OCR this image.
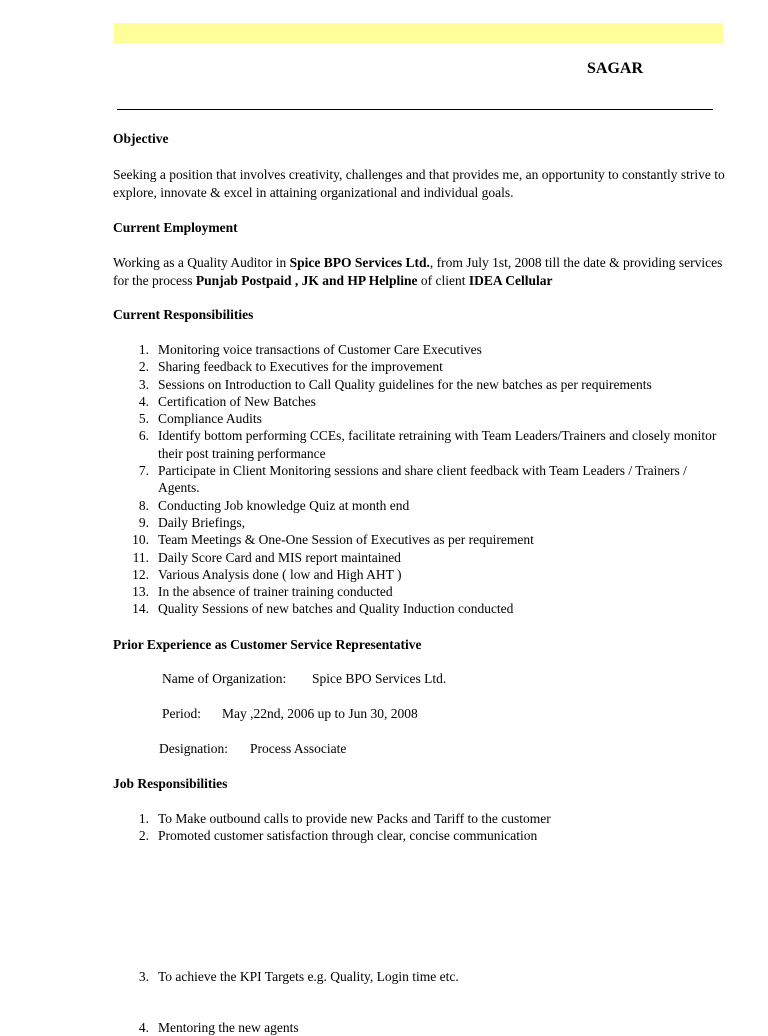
SAGAR
Objective
Seeking a position that involves creativity, challenges and that provides me, an opportunity to constantly strive to explore, innovate & excel in attaining organizational and individual goals.
Current Employment
Working as a Quality Auditor in Spice BPO Services Ltd., from July 1st, 2008 till the date & providing services for the process Punjab Postpaid , JK and HP Helpline of client IDEA Cellular
Current Responsibilities
1. Monitoring voice transactions of Customer Care Executives
2. Sharing feedback to Executives for the improvement
3. Sessions on Introduction to Call Quality guidelines for the new batches as per requirements
4. Certification of New Batches
5. Compliance Audits
6. Identify bottom performing CCEs, facilitate retraining with Team Leaders/Trainers and closely monitor their post training performance
7. Participate in Client Monitoring sessions and share client feedback with Team Leaders / Trainers / Agents.
8. Conducting Job knowledge Quiz at month end
9. Daily Briefings,
10. Team Meetings & One-One Session of Executives as per requirement
11. Daily Score Card and MIS report maintained
12. Various Analysis done ( low and High AHT )
13. In the absence of trainer training conducted
14. Quality Sessions of new batches and Quality Induction conducted
Prior Experience as Customer Service Representative
Name of Organization: Spice BPO Services Ltd.
Period: May ,22nd, 2006 up to Jun 30, 2008
Designation: Process Associate
Job Responsibilities
1. To Make outbound calls to provide new Packs and Tariff to the customer
2. Promoted customer satisfaction through clear, concise communication
3. To achieve the KPI Targets e.g. Quality, Login time etc.
4. Mentoring the new agents
